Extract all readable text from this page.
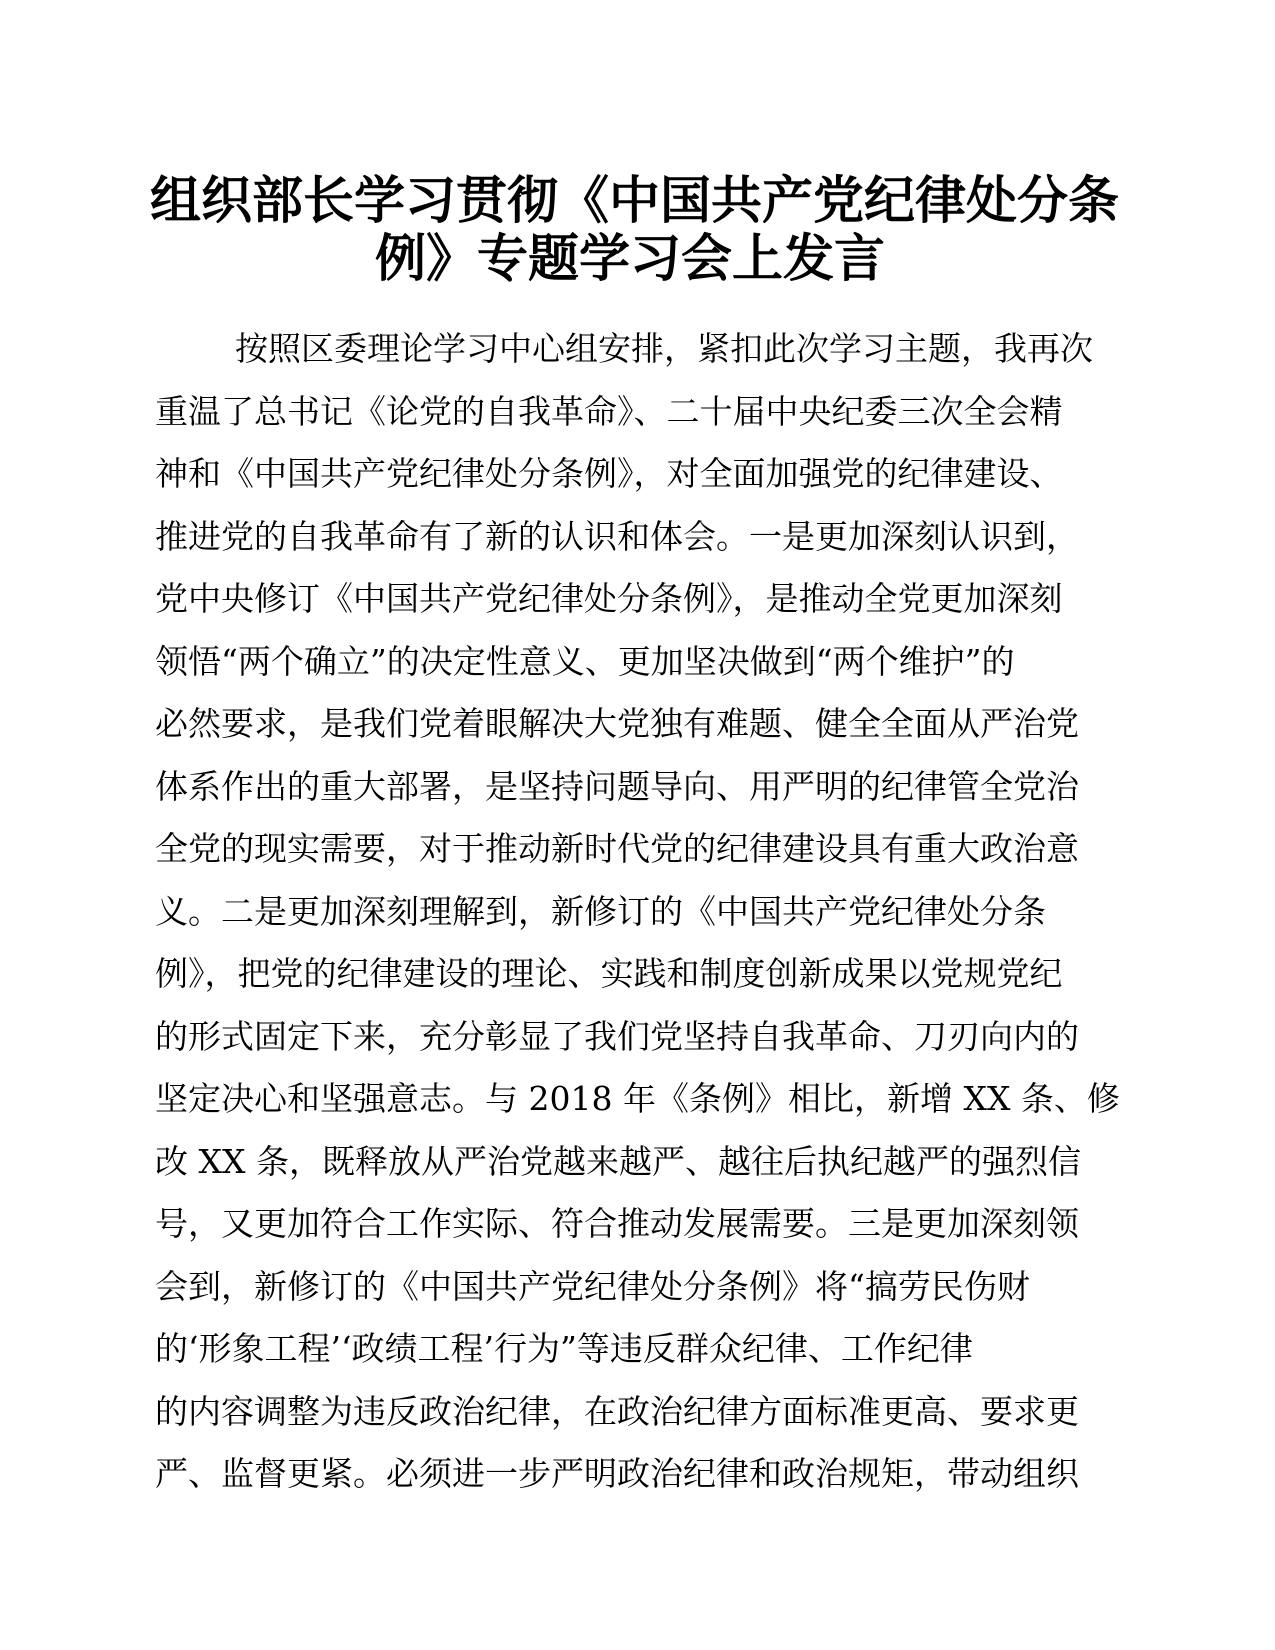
组织部长学习贯彻《中国共产党纪律处分条
例》专题学习会上发言
按照区委理论学习中心组安排，紧扣此次学习主题，我再次
重温了总书记《论党的自我革命》、二十届中央纪委三次全会精
神和《中国共产党纪律处分条例》，对全面加强党的纪律建设、
推进党的自我革命有了新的认识和体会。一是更加深刻认识到，
党中央修订《中国共产党纪律处分条例》，是推动全党更加深刻
领悟“两个确立”的决定性意义、更加坚决做到“两个维护”的
必然要求，是我们党着眼解决大党独有难题、健全全面从严治党
体系作出的重大部署，是坚持问题导向、用严明的纪律管全党治
全党的现实需要，对于推动新时代党的纪律建设具有重大政治意
义。二是更加深刻理解到，新修订的《中国共产党纪律处分条
例》，把党的纪律建设的理论、实践和制度创新成果以党规党纪
的形式固定下来，充分彰显了我们党坚持自我革命、刀刃向内的
坚定决心和坚强意志。与 2018 年《条例》相比，新增 XX 条、修
改 XX 条，既释放从严治党越来越严、越往后执纪越严的强烈信
号，又更加符合工作实际、符合推动发展需要。三是更加深刻领
会到，新修订的《中国共产党纪律处分条例》将“搞劳民伤财
的‘形象工程’‘政绩工程’行为”等违反群众纪律、工作纪律
的内容调整为违反政治纪律，在政治纪律方面标准更高、要求更
严、监督更紧。必须进一步严明政治纪律和政治规矩，带动组织
